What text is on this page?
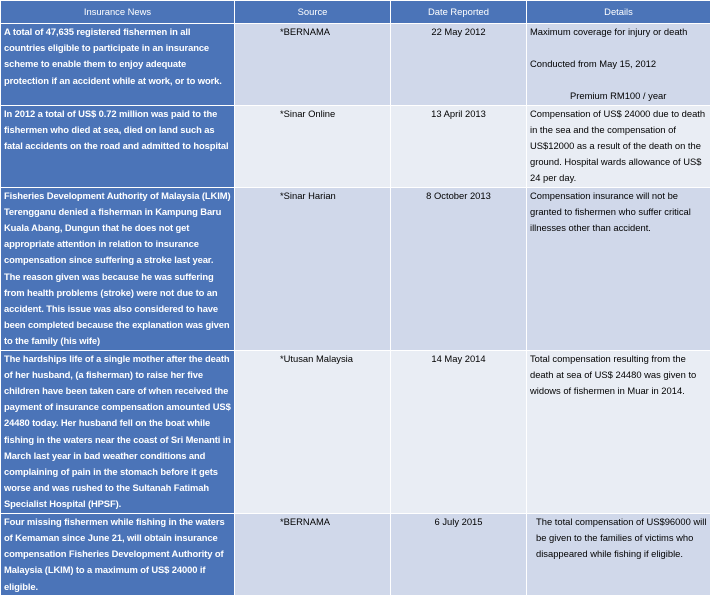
Insurance News	Source	Date Reported	Details
A total of 47,635 registered fishermen in all countries eligible to participate in an insurance scheme to enable them to enjoy adequate protection if an accident while at work, or to work.	*BERNAMA	22 May 2012	Maximum coverage for injury or death
Conducted from May 15, 2012
Premium RM100 / year

In 2012 a total of US$ 0.72 million was paid to the fishermen who died at sea, died on land such as fatal accidents on the road and admitted to hospital	*Sinar Online	13 April 2013	Compensation of US$ 24000 due to death in the sea and the compensation of US$12000 as a result of the death on the ground. Hospital wards allowance of US$ 24 per day.
Fisheries Development Authority of Malaysia (LKIM) Terengganu denied a fisherman in Kampung Baru Kuala Abang, Dungun that he does not get appropriate attention in relation to insurance compensation since suffering a stroke last year. The reason given was because he was suffering from health problems (stroke) were not due to an accident. This issue was also considered to have been completed because the explanation was given to the family (his wife)	*Sinar Harian	8 October 2013	Compensation insurance will not be granted to fishermen who suffer critical illnesses other than accident.
The hardships life of a single mother after the death of her husband, (a fisherman) to raise her five children have been taken care of when received the payment of insurance compensation amounted US$ 24480 today. Her husband fell on the boat while fishing in the waters near the coast of Sri Menanti in March last year in bad weather conditions and complaining of pain in the stomach before it gets worse and was rushed to the Sultanah Fatimah Specialist Hospital (HPSF).	*Utusan Malaysia	14 May 2014	Total compensation resulting from the death at sea of US$ 24480 was given to widows of fishermen in Muar in 2014.
Four missing fishermen while fishing in the waters of Kemaman since June 21, will obtain insurance compensation Fisheries Development Authority of Malaysia (LKIM) to a maximum of US$ 24000 if eligible.	*BERNAMA	6 July 2015	The total compensation of US$96000 will be given to the families of victims who disappeared while fishing if eligible.
